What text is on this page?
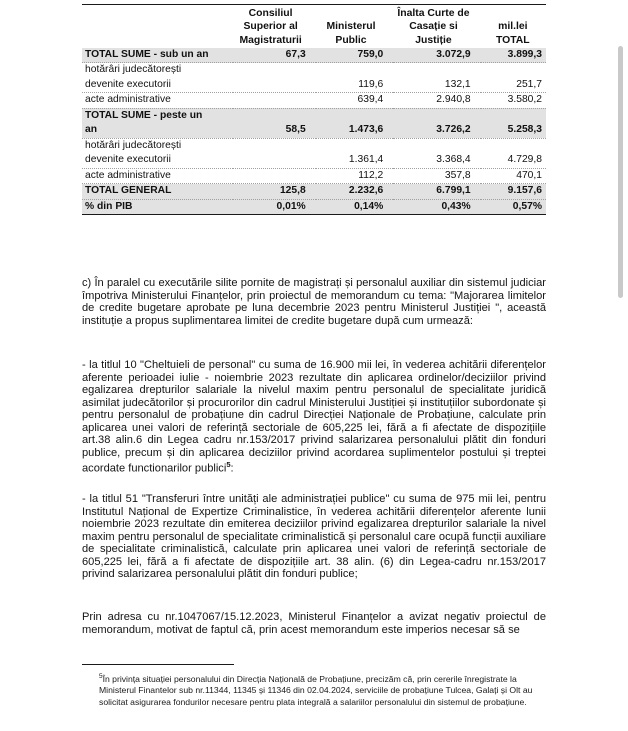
Consiliul
Superior al
Magistraturii

Ministerul
Public

Înalta Curte de
Casație si
Justiție

mil.lei
TOTAL

TOTAL SUME - sub un an	67,3	759,0	3.072,9	3.899,3
hotărâri judecătorești				
devenite executorii		119,6	132,1	251,7
acte administrative		639,4	2.940,8	3.580,2
TOTAL SUME - peste un				
an	58,5	1.473,6	3.726,2	5.258,3
hotărâri judecătorești				
devenite executorii		1.361,4	3.368,4	4.729,8
acte administrative		112,2	357,8	470,1
TOTAL GENERAL	125,8	2.232,6	6.799,1	9.157,6
% din PIB	0,01%	0,14%	0,43%	0,57%

c) În paralel cu executările silite pornite de magistrați și personalul auxiliar din sistemul judiciar împotriva Ministerului Finanțelor, prin proiectul de memorandum cu tema: "Majorarea limitelor de credite bugetare aprobate pe luna decembrie 2023 pentru Ministerul Justiției ", această instituție a propus suplimentarea limitei de credite bugetare după cum urmează:

- la titlul 10 "Cheltuieli de personal" cu suma de 16.900 mii lei, în vederea achitării diferențelor aferente perioadei iulie - noiembrie 2023 rezultate din aplicarea ordinelor/deciziilor privind egalizarea drepturilor salariale la nivelul maxim pentru personalul de specialitate juridică asimilat judecătorilor și procurorilor din cadrul Ministerului Justiției și instituțiilor subordonate și pentru personalul de probațiune din cadrul Direcției Naționale de Probațiune, calculate prin aplicarea unei valori de referință sectoriale de 605,225 lei, fără a fi afectate de dispozițiile art.38 alin.6 din Legea cadru nr.153/2017 privind salarizarea personalului plătit din fonduri publice, precum și din aplicarea deciziilor privind acordarea suplimentelor postului și treptei acordate functionarilor publici$^5$:

- la titlul 51 "Transferuri între unități ale administrației publice" cu suma de 975 mii lei, pentru Institutul Național de Expertize Criminalistice, în vederea achitării diferențelor aferente lunii noiembrie 2023 rezultate din emiterea deciziilor privind egalizarea drepturilor salariale la nivel maxim pentru personalul de specialitate criminalistică și personalul care ocupă funcții auxiliare de specialitate criminalistică, calculate prin aplicarea unei valori de referință sectoriale de 605,225 lei, fără a fi afectate de dispozițiile art. 38 alin. (6) din Legea-cadru nr.153/2017 privind salarizarea personalului plătit din fonduri publice;

Prin adresa cu nr.1047067/15.12.2023, Ministerul Finanțelor a avizat negativ proiectul de memorandum, motivat de faptul că, prin acest memorandum este imperios necesar să se

$^5$În privința situației personalului din Direcția Națională de Probațiune, precizăm că, prin cererile înregistrate la Ministerul Finantelor sub nr.11344, 11345 și 11346 din 02.04.2024, serviciile de probațiune Tulcea, Galați și Olt au solicitat asigurarea fondurilor necesare pentru plata integrală a salariilor personalului din sistemul de probațiune.
